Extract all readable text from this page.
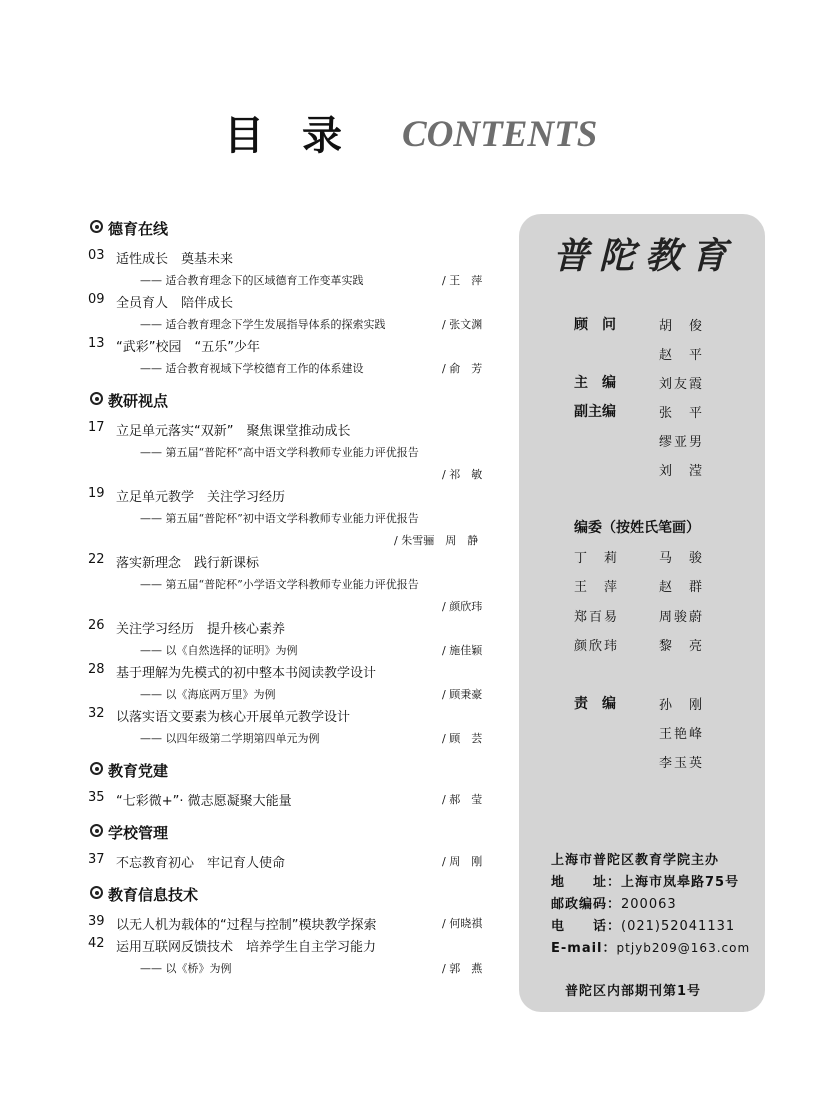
目录 CONTENTS
德育在线
03 适性成长　奠基未来
—— 适合教育理念下的区域德育工作变革实践	/ 王　萍
09 全员育人　陪伴成长
—— 适合教育理念下学生发展指导体系的探索实践	/ 张文渊
13 “武彩”校园　“五乐”少年
—— 适合教育视域下学校德育工作的体系建设	/ 俞　芳
教研视点
17 立足单元落实“双新”　聚焦课堂推动成长
—— 第五届“普陀杯”高中语文学科教师专业能力评优报告
/ 祁　敏
19 立足单元教学　关注学习经历
—— 第五届“普陀杯”初中语文学科教师专业能力评优报告
/ 朱雪骊　周　静
22 落实新理念　践行新课标
—— 第五届“普陀杯”小学语文学科教师专业能力评优报告
/ 颜欣玮
26 关注学习经历　提升核心素养
—— 以《自然选择的证明》为例	/ 施佳颖
28 基于理解为先模式的初中整本书阅读教学设计
—— 以《海底两万里》为例	/ 顾秉豪
32 以落实语文要素为核心开展单元教学设计
—— 以四年级第二学期第四单元为例	/ 顾　芸
教育党建
35 “七彩微+”· 微志愿凝聚大能量	/ 郝　莹
学校管理
37 不忘教育初心　牢记育人使命	/ 周　刚
教育信息技术
39 以无人机为载体的“过程与控制”模块教学探索	/ 何晓祺
42 运用互联网反馈技术　培养学生自主学习能力
—— 以《桥》为例	/ 郭　燕
普陀教育
顾　问	胡　俊
赵　平
主　编	刘友霞
副主编	张　平
缪亚男
刘　滢
编委（按姓氏笔画）
丁　莉	马　骏
王　萍	赵　群
郑百易	周骏蔚
颜欣玮	黎　亮
责　编	孙　刚
王艳峰
李玉英
上海市普陀区教育学院主办
地　　址：上海市岚皋路75号
邮政编码：200063
电　　话：(021)52041131
E-mail：ptjyb209@163.com
普陀区内部期刊第1号
